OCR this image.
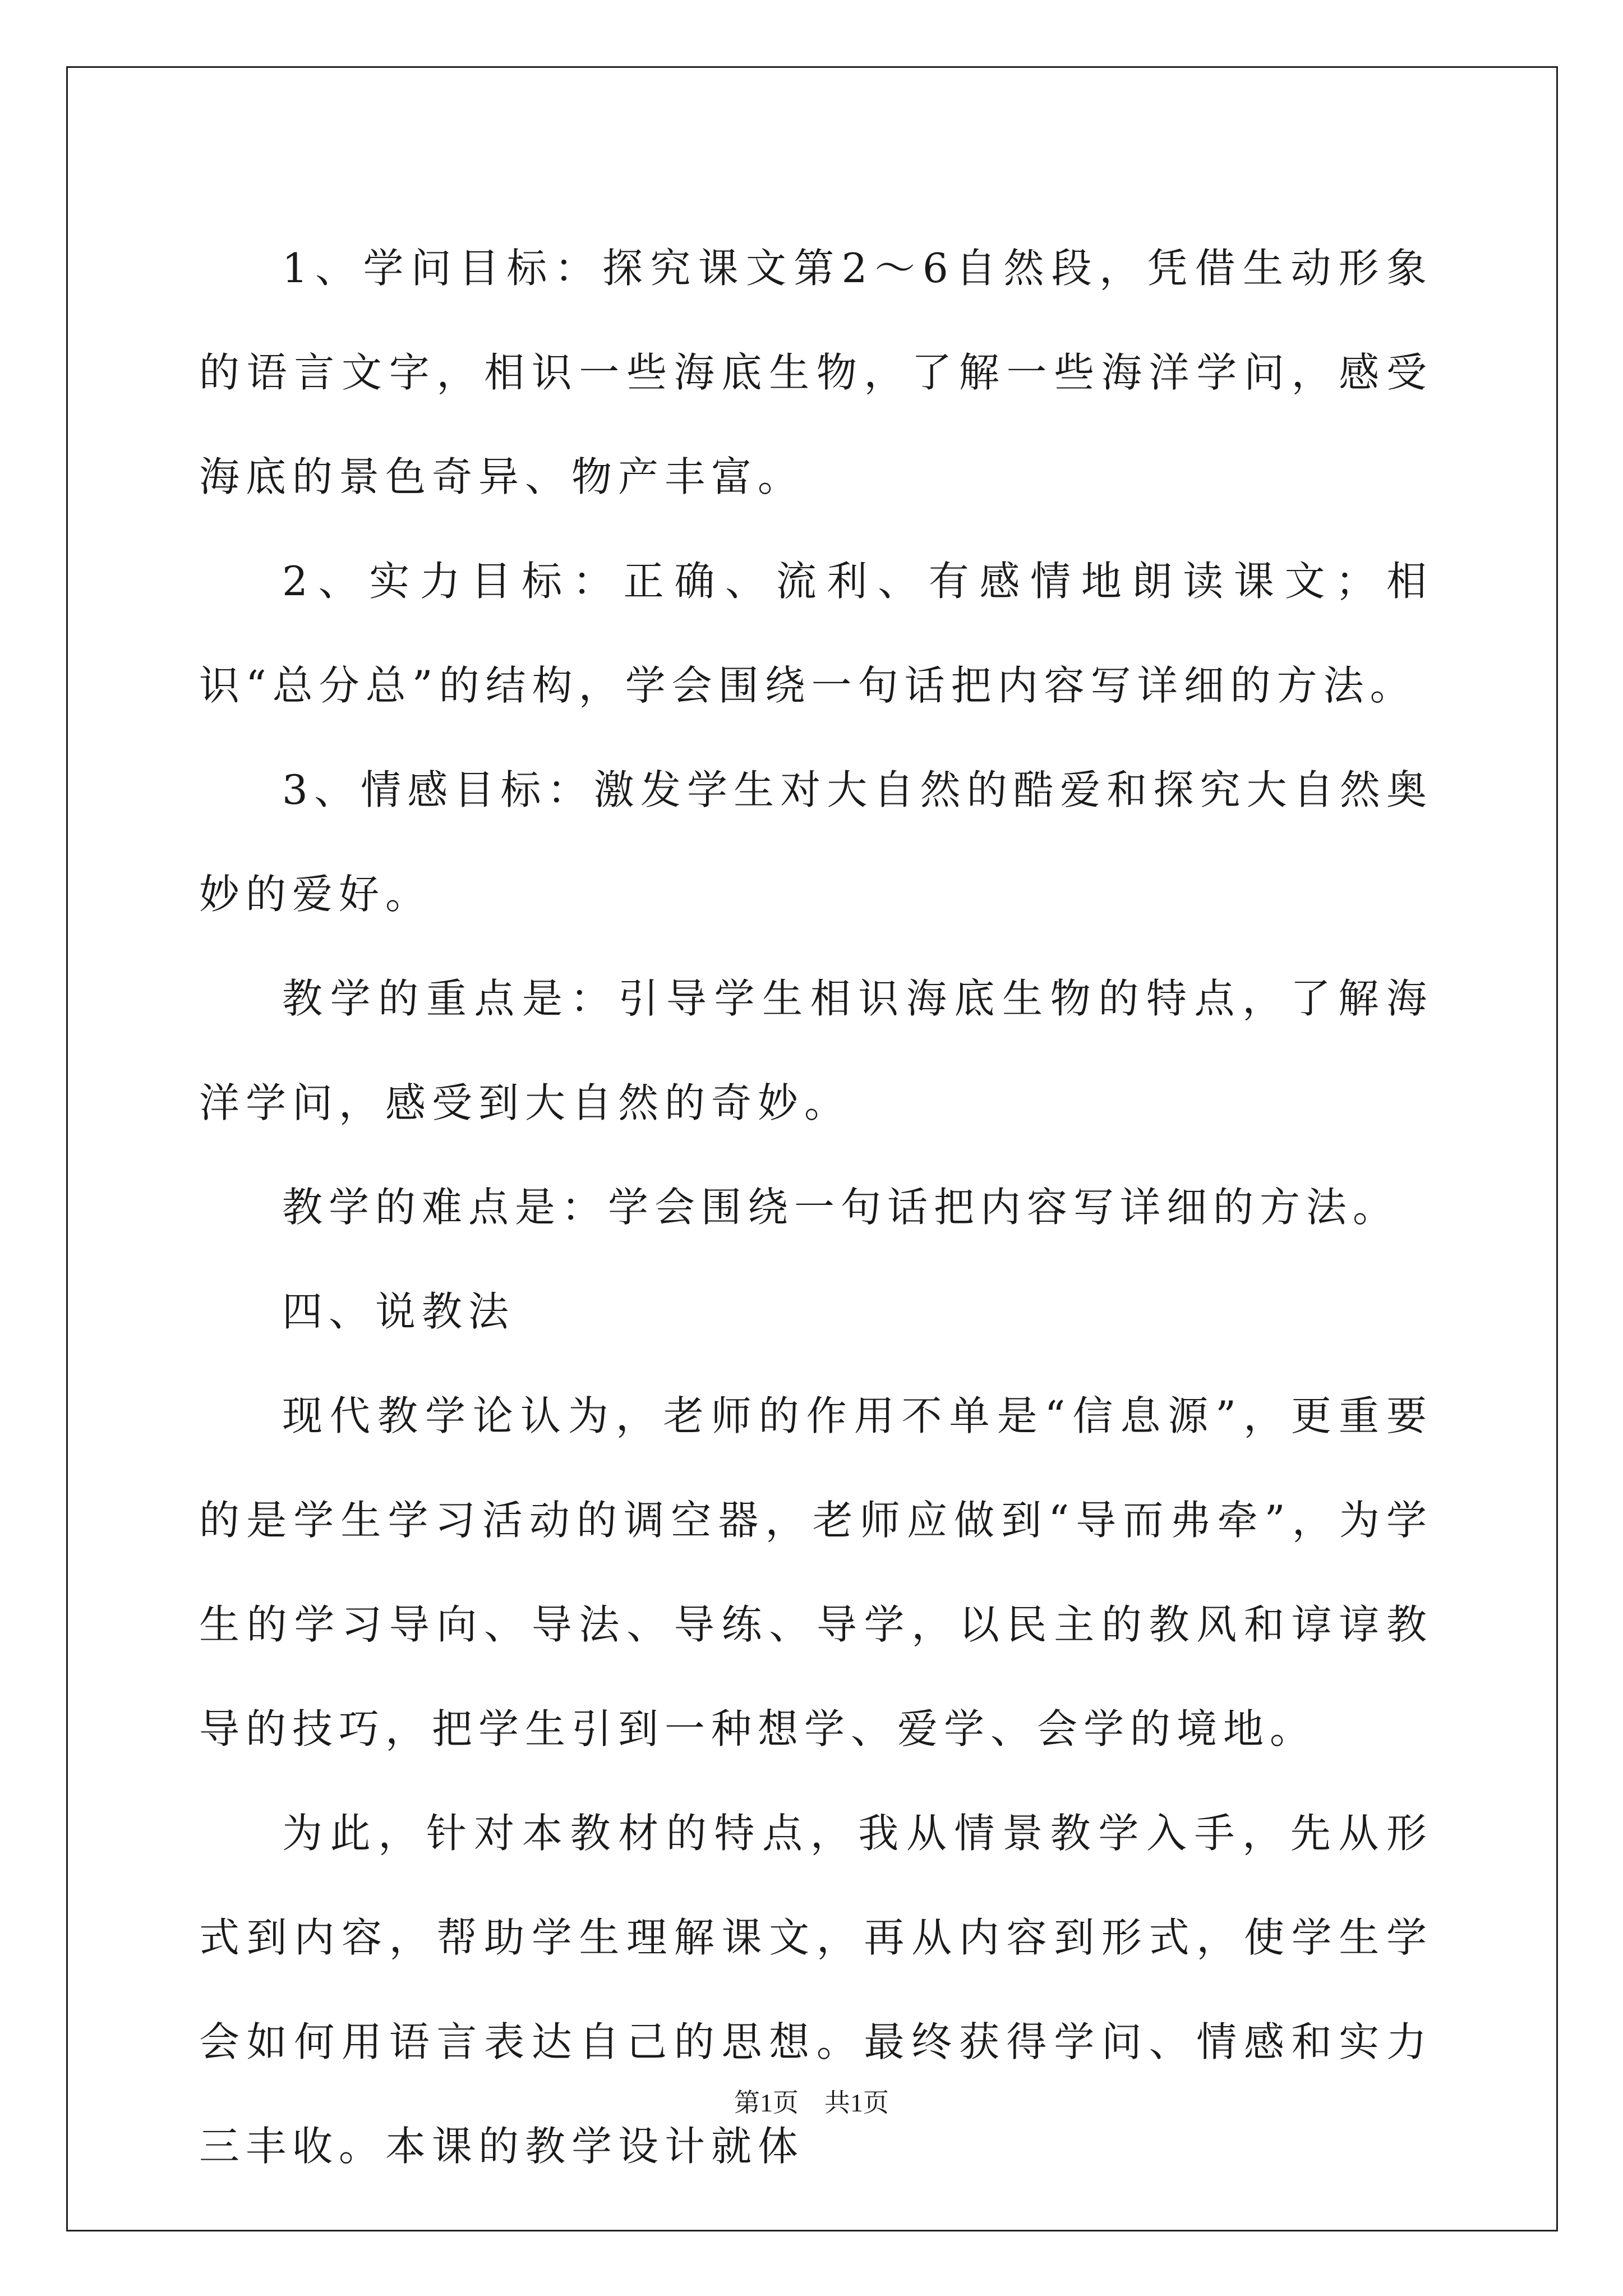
1、学问目标：探究课文第2～6自然段，凭借生动形象的语言文字，相识一些海底生物，了解一些海洋学问，感受海底的景色奇异、物产丰富。

2、实力目标：正确、流利、有感情地朗读课文；相识“总分总”的结构，学会围绕一句话把内容写详细的方法。

3、情感目标：激发学生对大自然的酷爱和探究大自然奥妙的爱好。

教学的重点是：引导学生相识海底生物的特点，了解海洋学问，感受到大自然的奇妙。

教学的难点是：学会围绕一句话把内容写详细的方法。

四、说教法

现代教学论认为，老师的作用不单是“信息源”，更重要的是学生学习活动的调空器，老师应做到“导而弗牵”，为学生的学习导向、导法、导练、导学，以民主的教风和谆谆教导的技巧，把学生引到一种想学、爱学、会学的境地。

为此，针对本教材的特点，我从情景教学入手，先从形式到内容，帮助学生理解课文，再从内容到形式，使学生学会如何用语言表达自己的思想。最终获得学问、情感和实力三丰收。本课的教学设计就体

第1页 共1页
